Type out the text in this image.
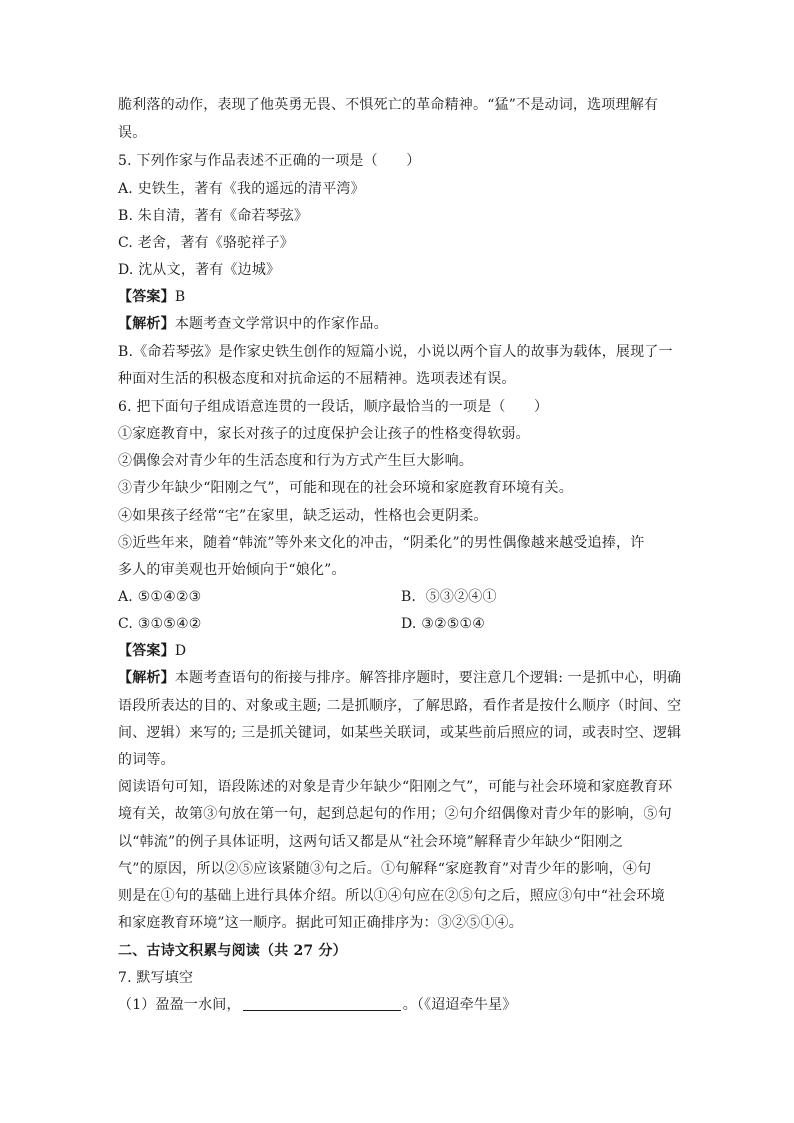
脆利落的动作，表现了他英勇无畏、不惧死亡的革命精神。“猛”不是动词，选项理解有
误。
5. 下列作家与作品表述不正确的一项是（　　）
A. 史铁生，著有《我的遥远的清平湾》
B. 朱自清，著有《命若琴弦》
C. 老舍，著有《骆驼祥子》
D. 沈从文，著有《边城》
【答案】B
【解析】本题考查文学常识中的作家作品。
B.《命若琴弦》是作家史铁生创作的短篇小说，小说以两个盲人的故事为载体，展现了一
种面对生活的积极态度和对抗命运的不屈精神。选项表述有误。
6. 把下面句子组成语意连贯的一段话，顺序最恰当的一项是（　　）
①家庭教育中，家长对孩子的过度保护会让孩子的性格变得软弱。
②偶像会对青少年的生活态度和行为方式产生巨大影响。
③青少年缺少“阳刚之气”，可能和现在的社会环境和家庭教育环境有关。
④如果孩子经常“宅”在家里，缺乏运动，性格也会更阴柔。
⑤近些年来，随着“韩流”等外来文化的冲击，“阴柔化”的男性偶像越来越受追捧，许
多人的审美观也开始倾向于“娘化”。
A. ⑤①④②③	B．⑤③②④①
C. ③①⑤④②	D. ③②⑤①④
【答案】D
【解析】本题考查语句的衔接与排序。解答排序题时，要注意几个逻辑: 一是抓中心，明确
语段所表达的目的、对象或主题; 二是抓顺序，了解思路，看作者是按什么顺序（时间、空
间、逻辑）来写的; 三是抓关键词，如某些关联词，或某些前后照应的词，或表时空、逻辑
的词等。
阅读语句可知，语段陈述的对象是青少年缺少“阳刚之气”，可能与社会环境和家庭教育环
境有关，故第③句放在第一句，起到总起句的作用；②句介绍偶像对青少年的影响，⑤句
以“韩流”的例子具体证明，这两句话又都是从“社会环境”解释青少年缺少“阳刚之
气”的原因，所以②⑤应该紧随③句之后。①句解释“家庭教育”对青少年的影响，④句
则是在①句的基础上进行具体介绍。所以①④句应在②⑤句之后，照应③句中“社会环境
和家庭教育环境”这一顺序。据此可知正确排序为：③②⑤①④。
二、古诗文积累与阅读（共 27 分）
7. 默写填空
（1）盈盈一水间，	。（《迢迢牵牛星》
